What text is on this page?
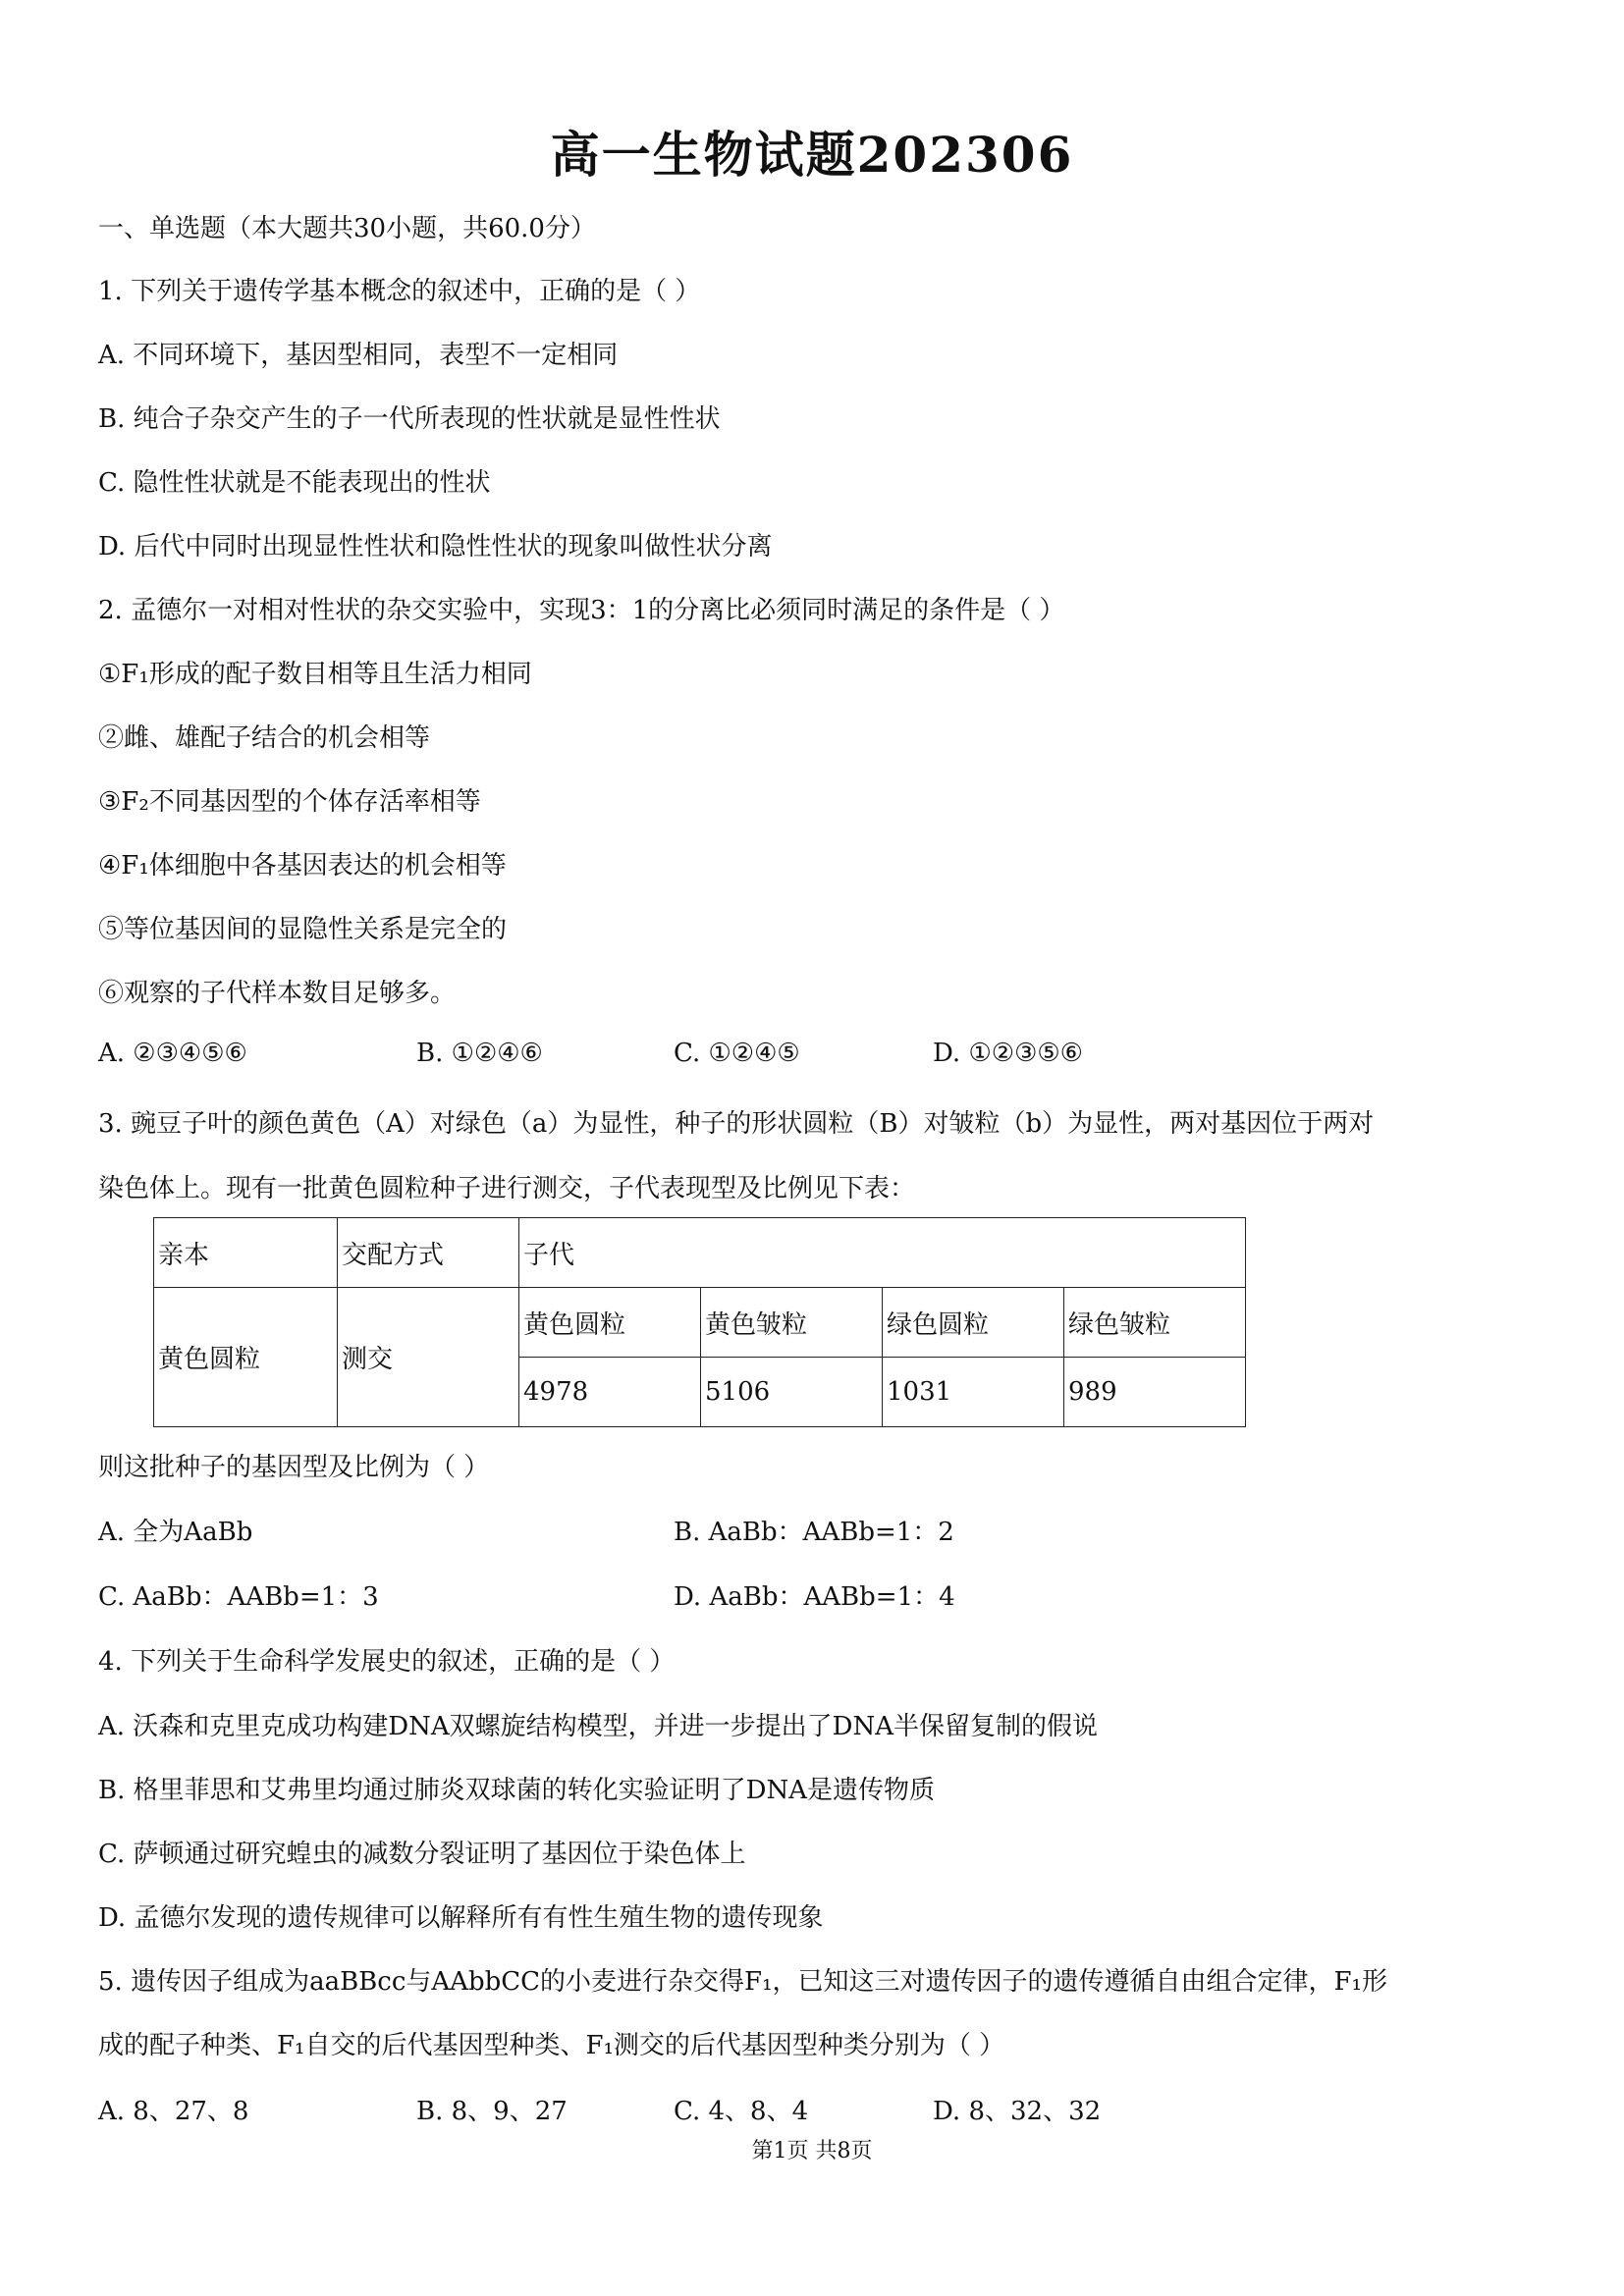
高一生物试题202306
一、单选题（本大题共30小题，共60.0分）
1. 下列关于遗传学基本概念的叙述中，正确的是（ ）
A. 不同环境下，基因型相同，表型不一定相同
B. 纯合子杂交产生的子一代所表现的性状就是显性性状
C. 隐性性状就是不能表现出的性状
D. 后代中同时出现显性性状和隐性性状的现象叫做性状分离
2. 孟德尔一对相对性状的杂交实验中，实现3：1的分离比必须同时满足的条件是（ ）
①F₁形成的配子数目相等且生活力相同
②雌、雄配子结合的机会相等
③F₂不同基因型的个体存活率相等
④F₁体细胞中各基因表达的机会相等
⑤等位基因间的显隐性关系是完全的
⑥观察的子代样本数目足够多。
A. ②③④⑤⑥	B. ①②④⑥	C. ①②④⑤	D. ①②③⑤⑥
3. 豌豆子叶的颜色黄色（A）对绿色（a）为显性，种子的形状圆粒（B）对皱粒（b）为显性，两对基因位于两对
染色体上。现有一批黄色圆粒种子进行测交，子代表现型及比例见下表：
亲本	交配方式	子代			
黄色圆粒	测交	黄色圆粒	黄色皱粒	绿色圆粒	绿色皱粒
		4978	5106	1031	989
则这批种子的基因型及比例为（ ）
A. 全为AaBb	B. AaBb：AABb=1：2
C. AaBb：AABb=1：3	D. AaBb：AABb=1：4
4. 下列关于生命科学发展史的叙述，正确的是（ ）
A. 沃森和克里克成功构建DNA双螺旋结构模型，并进一步提出了DNA半保留复制的假说
B. 格里菲思和艾弗里均通过肺炎双球菌的转化实验证明了DNA是遗传物质
C. 萨顿通过研究蝗虫的减数分裂证明了基因位于染色体上
D. 孟德尔发现的遗传规律可以解释所有有性生殖生物的遗传现象
5. 遗传因子组成为aaBBcc与AAbbCC的小麦进行杂交得F₁，已知这三对遗传因子的遗传遵循自由组合定律，F₁形
成的配子种类、F₁自交的后代基因型种类、F₁测交的后代基因型种类分别为（ ）
A. 8、27、8	B. 8、9、27	C. 4、8、4	D. 8、32、32
第1页 共8页
